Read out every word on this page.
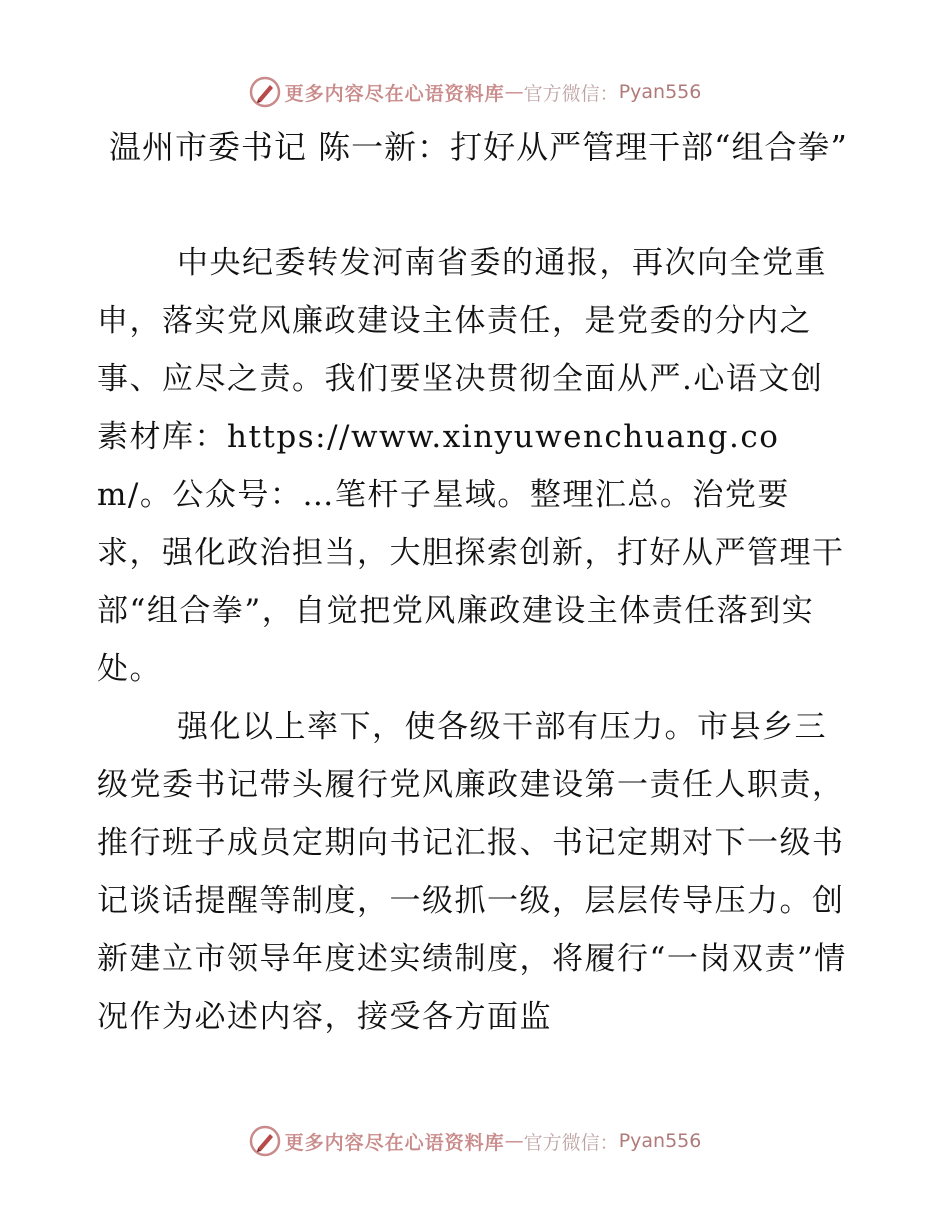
更多内容尽在心语资料库 — 官方微信： Pyan556
温州市委书记 陈一新：打好从严管理干部“组合拳”

中央纪委转发河南省委的通报，再次向全党重申，落实党风廉政建设主体责任，是党委的分内之事、应尽之责。我们要坚决贯彻全面从严.心语文创素材库：https://www.xinyuwenchuang.com/。公众号：…笔杆子星域。整理汇总。治党要求，强化政治担当，大胆探索创新，打好从严管理干部“组合拳”，自觉把党风廉政建设主体责任落到实处。

强化以上率下，使各级干部有压力。市县乡三级党委书记带头履行党风廉政建设第一责任人职责，推行班子成员定期向书记汇报、书记定期对下一级书记谈话提醒等制度，一级抓一级，层层传导压力。创新建立市领导年度述实绩制度，将履行“一岗双责”情况作为必述内容，接受各方面监

更多内容尽在心语资料库 — 官方微信： Pyan556
